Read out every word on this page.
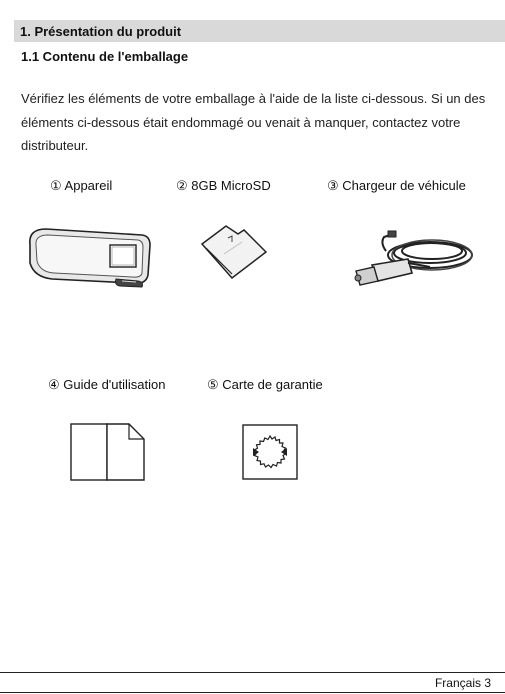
1. Présentation du produit
1.1 Contenu de l'emballage

Vérifiez les éléments de votre emballage à l'aide de la liste ci-dessous. Si un des éléments ci-dessous était endommagé ou venait à manquer, contactez votre distributeur.

① Appareil	② 8GB MicroSD	③ Chargeur de véhicule
④ Guide d'utilisation	⑤ Carte de garantie
Français 3
